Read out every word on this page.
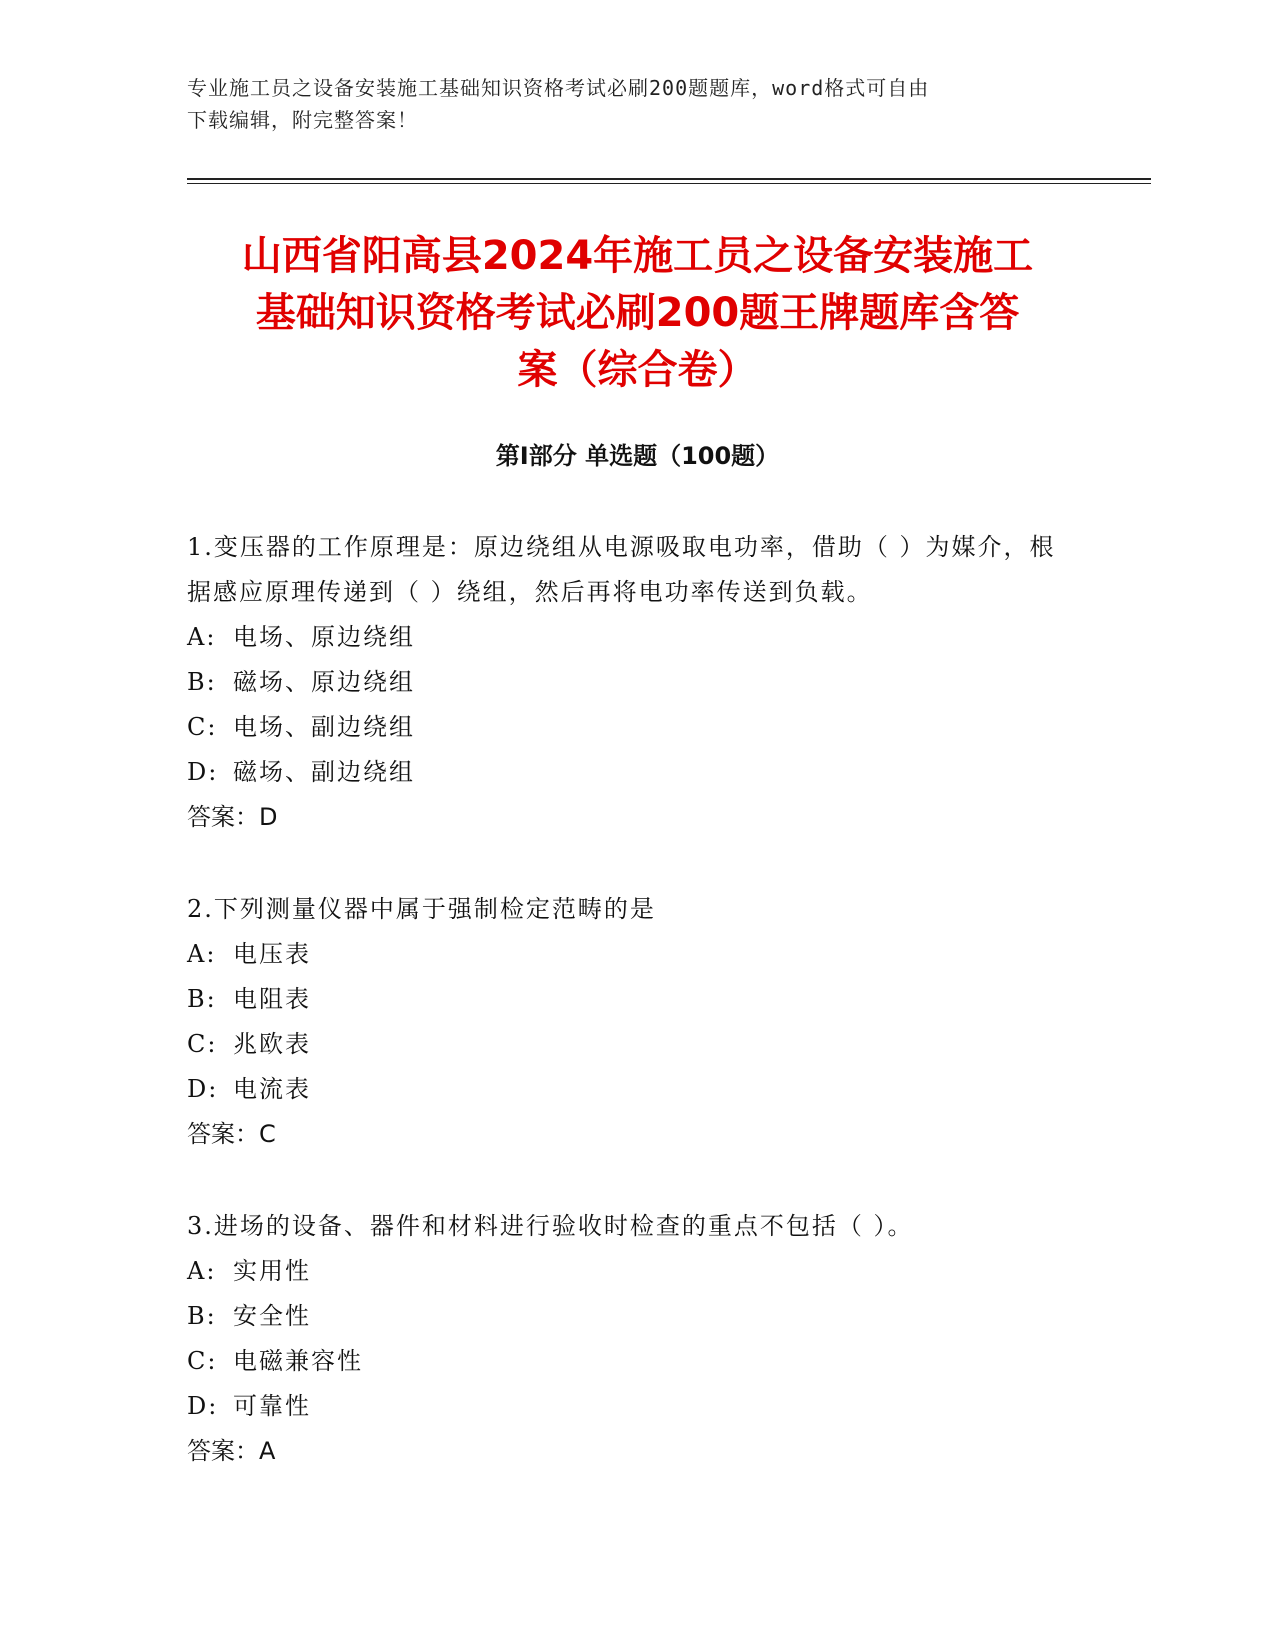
专业施工员之设备安装施工基础知识资格考试必刷200题题库，word格式可自由
下载编辑，附完整答案！
山西省阳高县2024年施工员之设备安装施工
基础知识资格考试必刷200题王牌题库含答
案（综合卷）
第Ⅰ部分 单选题（100题）

1.变压器的工作原理是：原边绕组从电源吸取电功率，借助（ ）为媒介，根据感应原理传递到（ ）绕组，然后再将电功率传送到负载。

A: 电场、原边绕组

B: 磁场、原边绕组

C: 电场、副边绕组

D: 磁场、副边绕组

答案：D

2.下列测量仪器中属于强制检定范畴的是

A: 电压表

B: 电阻表

C: 兆欧表

D: 电流表

答案：C

3.进场的设备、器件和材料进行验收时检查的重点不包括（ ）。

A: 实用性

B: 安全性

C: 电磁兼容性

D: 可靠性

答案：A
